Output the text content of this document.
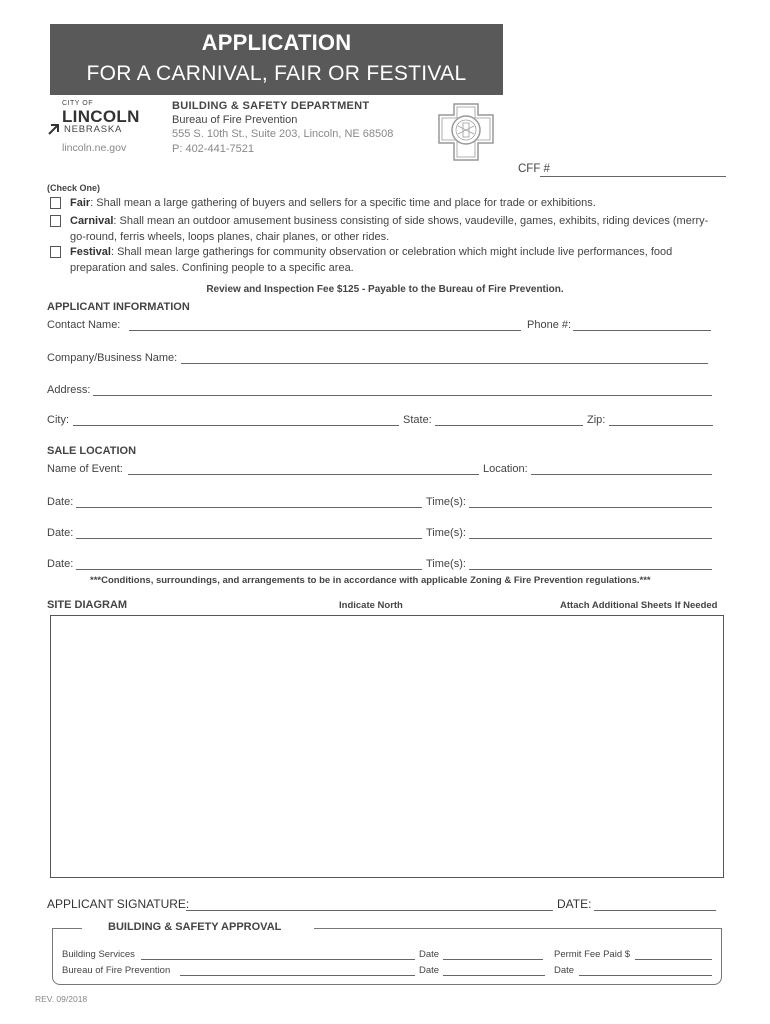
APPLICATION
FOR A CARNIVAL, FAIR OR FESTIVAL
CITY OF
LINCOLN
NEBRASKA
lincoln.ne.gov
BUILDING & SAFETY DEPARTMENT
Bureau of Fire Prevention
555 S. 10th St., Suite 203, Lincoln, NE 68508
P: 402-441-7521
CFF #
(Check One)
Fair: Shall mean a large gathering of buyers and sellers for a specific time and place for trade or exhibitions.
Carnival: Shall mean an outdoor amusement business consisting of side shows, vaudeville, games, exhibits, riding devices (merry-
go-round, ferris wheels, loops planes, chair planes, or other rides.
Festival: Shall mean large gatherings for community observation or celebration which might include live performances, food
preparation and sales. Confining people to a specific area.
Review and Inspection Fee $125 - Payable to the Bureau of Fire Prevention.
APPLICANT INFORMATION
Contact Name:	Phone #:
Company/Business Name:
Address:
City:	State:	Zip:
SALE LOCATION
Name of Event:	Location:
Date:	Time(s):
Date:	Time(s):
Date:	Time(s):
***Conditions, surroundings, and arrangements to be in accordance with applicable Zoning & Fire Prevention regulations.***
SITE DIAGRAM	Indicate North	Attach Additional Sheets If Needed
APPLICANT SIGNATURE:	DATE:
BUILDING & SAFETY APPROVAL
Building Services	Date	Permit Fee Paid $
Bureau of Fire Prevention	Date	Date
REV. 09/2018
